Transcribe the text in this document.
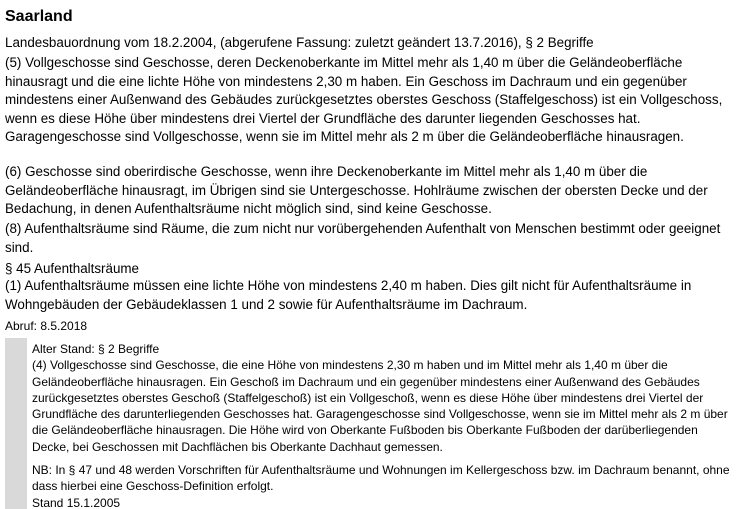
Saarland

Landesbauordnung vom 18.2.2004, (abgerufene Fassung: zuletzt geändert 13.7.2016), § 2 Begriffe

(5) Vollgeschosse sind Geschosse, deren Deckenoberkante im Mittel mehr als 1,40 m über die Geländeoberfläche hinausragt und die eine lichte Höhe von mindestens 2,30 m haben. Ein Geschoss im Dachraum und ein gegenüber mindestens einer Außenwand des Gebäudes zurückgesetztes oberstes Geschoss (Staffelgeschoss) ist ein Vollgeschoss, wenn es diese Höhe über mindestens drei Viertel der Grundfläche des darunter liegenden Geschosses hat. Garagengeschosse sind Vollgeschosse, wenn sie im Mittel mehr als 2 m über die Geländeoberfläche hinausragen.

(6) Geschosse sind oberirdische Geschosse, wenn ihre Deckenoberkante im Mittel mehr als 1,40 m über die Geländeoberfläche hinausragt, im Übrigen sind sie Untergeschosse. Hohlräume zwischen der obersten Decke und der Bedachung, in denen Aufenthaltsräume nicht möglich sind, sind keine Geschosse.

(8) Aufenthaltsräume sind Räume, die zum nicht nur vorübergehenden Aufenthalt von Menschen bestimmt oder geeignet sind.

§ 45 Aufenthaltsräume

(1) Aufenthaltsräume müssen eine lichte Höhe von mindestens 2,40 m haben. Dies gilt nicht für Aufenthaltsräume in Wohngebäuden der Gebäudeklassen 1 und 2 sowie für Aufenthaltsräume im Dachraum.

Abruf: 8.5.2018

Alter Stand: § 2 Begriffe

(4) Vollgeschosse sind Geschosse, die eine Höhe von mindestens 2,30 m haben und im Mittel mehr als 1,40 m über die Geländeoberfläche hinausragen. Ein Geschoß im Dachraum und ein gegenüber mindestens einer Außenwand des Gebäudes zurückgesetztes oberstes Geschoß (Staffelgeschoß) ist ein Vollgeschoß, wenn es diese Höhe über mindestens drei Viertel der Grundfläche des darunterliegenden Geschosses hat. Garagengeschosse sind Vollgeschosse, wenn sie im Mittel mehr als 2 m über die Geländeoberfläche hinausragen. Die Höhe wird von Oberkante Fußboden bis Oberkante Fußboden der darüberliegenden Decke, bei Geschossen mit Dachflächen bis Oberkante Dachhaut gemessen.

NB: In § 47 und 48 werden Vorschriften für Aufenthaltsräume und Wohnungen im Kellergeschoss bzw. im Dachraum benannt, ohne dass hierbei eine Geschoss-Definition erfolgt.

Stand 15.1.2005
